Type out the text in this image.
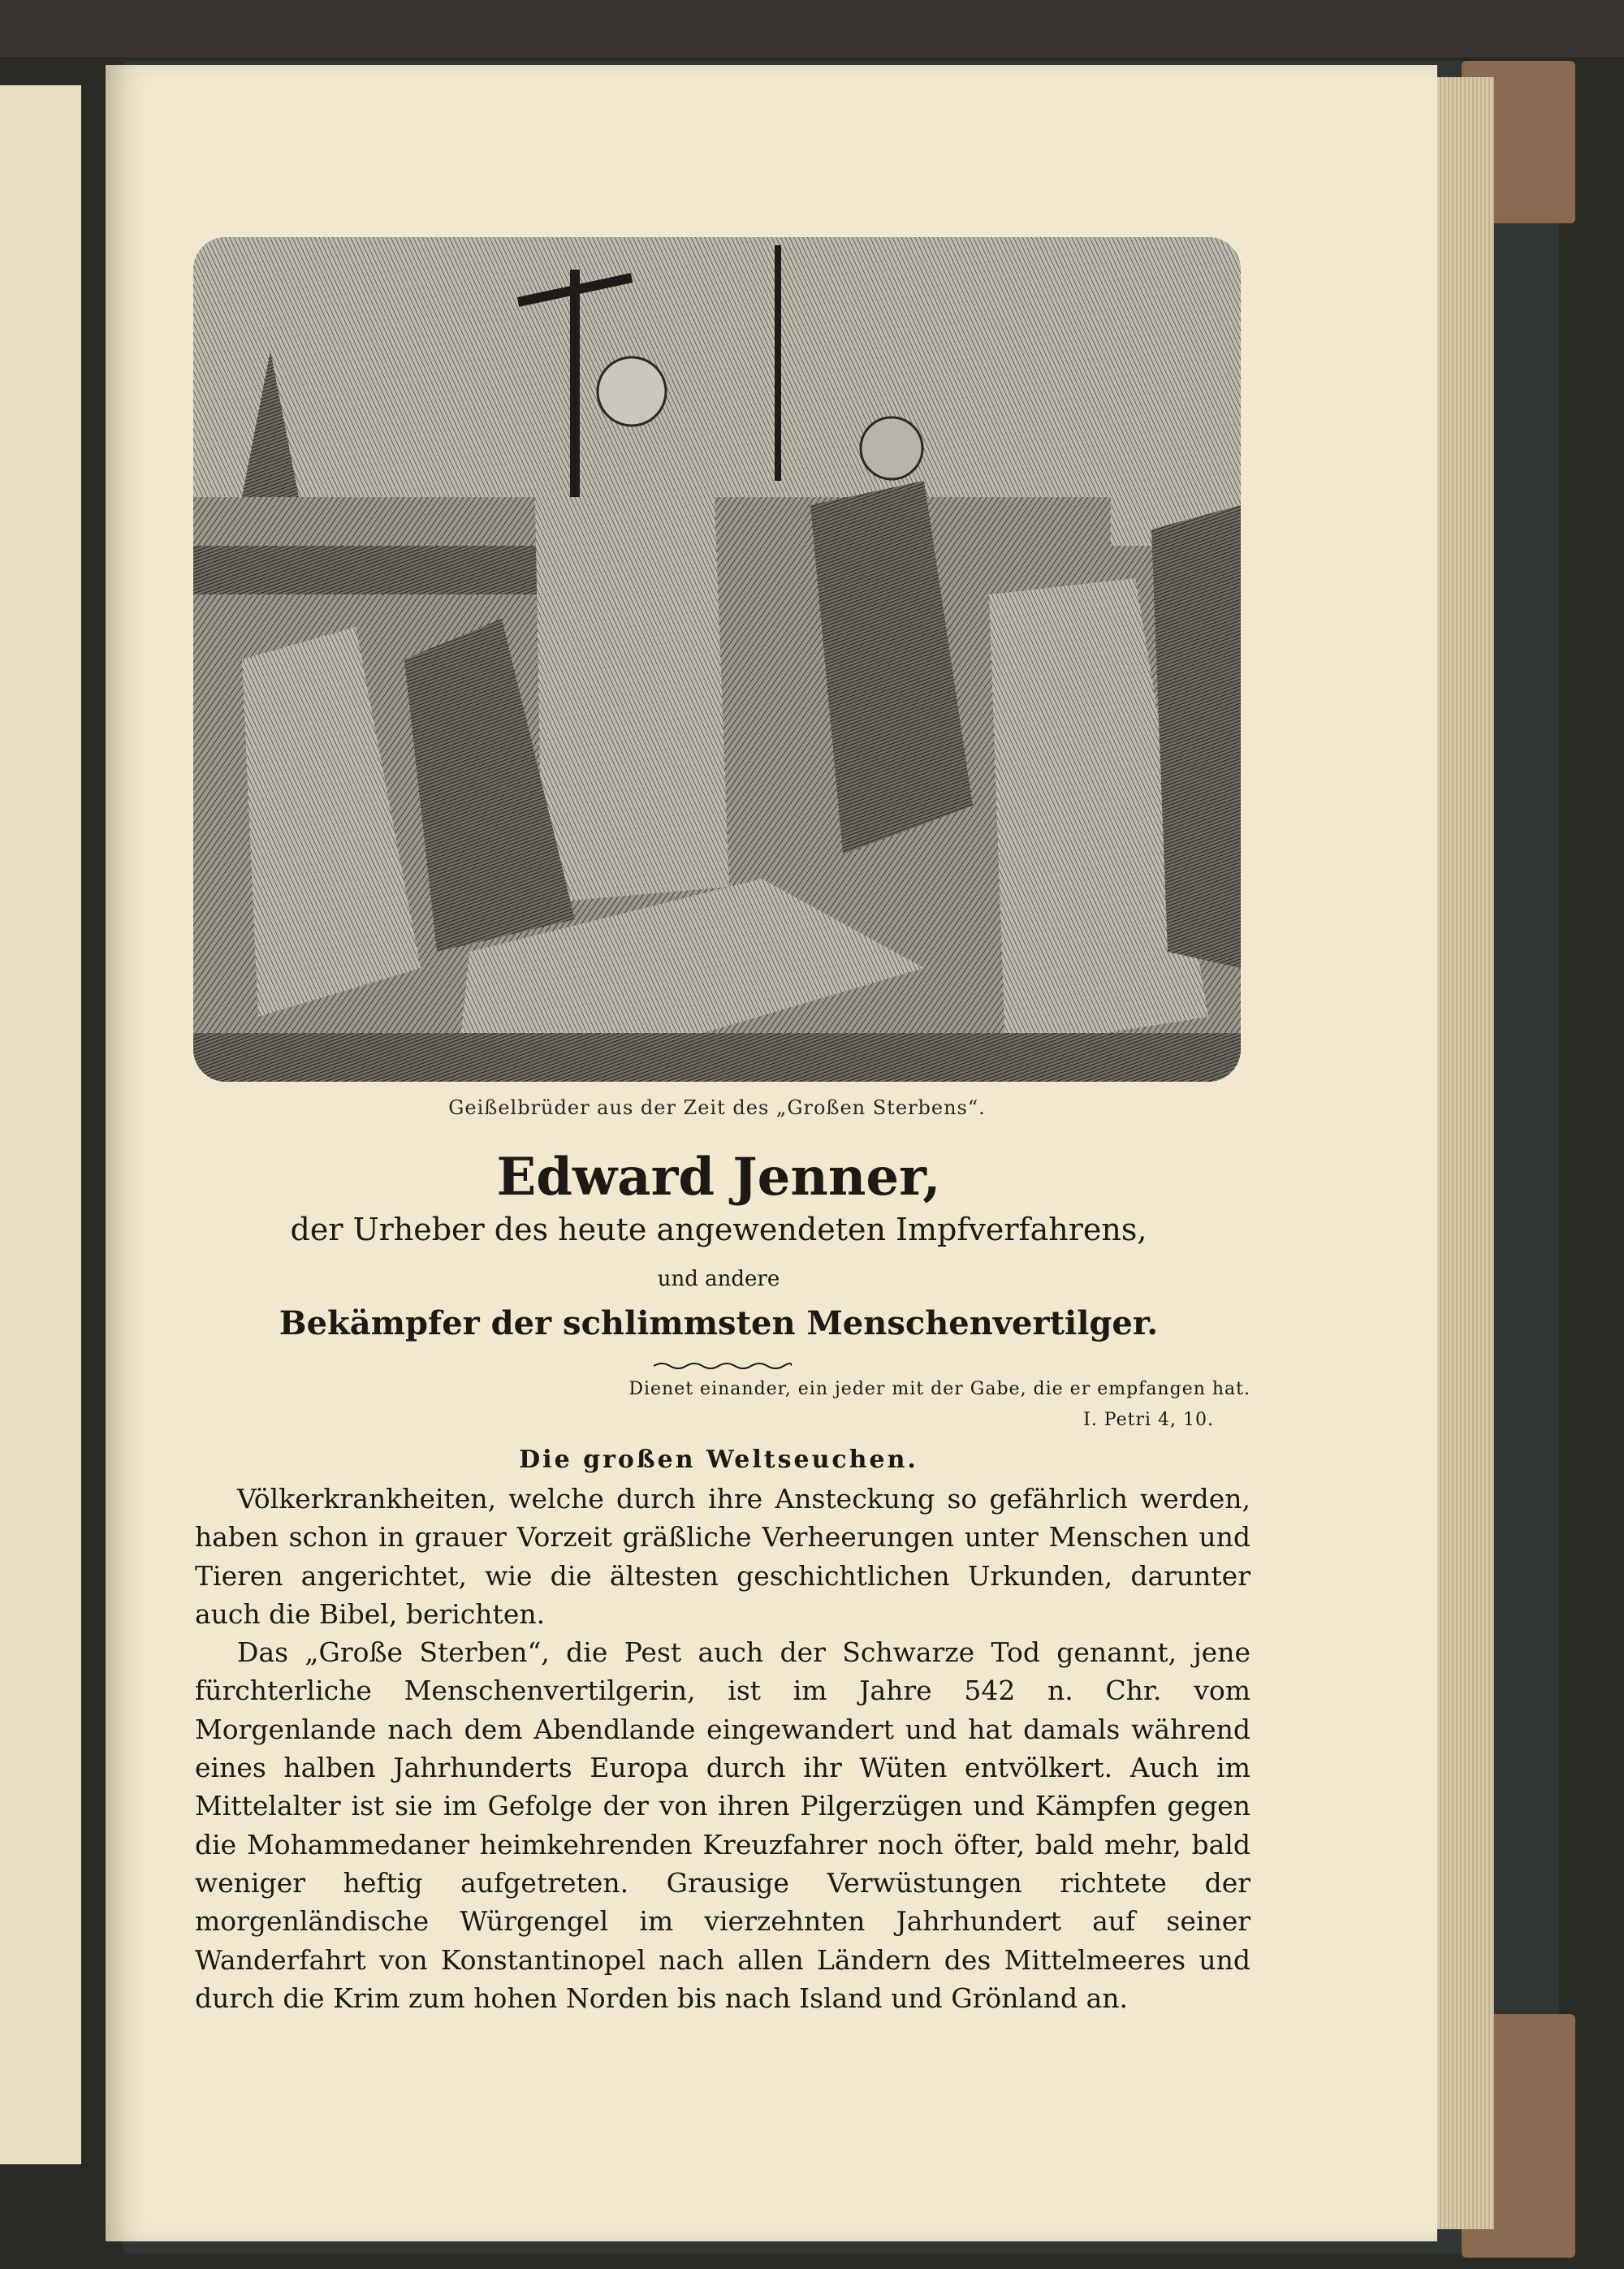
Geißelbrüder aus der Zeit des „Großen Sterbens“.
Edward Jenner,
der Urheber des heute angewendeten Impfverfahrens,
und andere
Bekämpfer der schlimmsten Menschenvertilger.
Dienet einander, ein jeder mit der Gabe, die er empfangen hat.
I. Petri 4, 10.
Die großen Weltseuchen.

Völkerkrankheiten, welche durch ihre Ansteckung so gefährlich werden, haben schon in grauer Vorzeit gräßliche Verheerungen unter Menschen und Tieren angerichtet, wie die ältesten geschichtlichen Urkunden, darunter auch die Bibel, berichten.

Das „Große Sterben“, die Pest auch der Schwarze Tod genannt, jene fürchterliche Menschenvertilgerin, ist im Jahre 542 n. Chr. vom Morgenlande nach dem Abendlande eingewandert und hat damals während eines halben Jahrhunderts Europa durch ihr Wüten entvölkert. Auch im Mittelalter ist sie im Gefolge der von ihren Pilgerzügen und Kämpfen gegen die Mohammedaner heimkehrenden Kreuzfahrer noch öfter, bald mehr, bald weniger heftig aufgetreten. Grausige Verwüstungen richtete der morgenländische Würgengel im vierzehnten Jahrhundert auf seiner Wanderfahrt von Konstantinopel nach allen Ländern des Mittelmeeres und durch die Krim zum hohen Norden bis nach Island und Grönland an.
